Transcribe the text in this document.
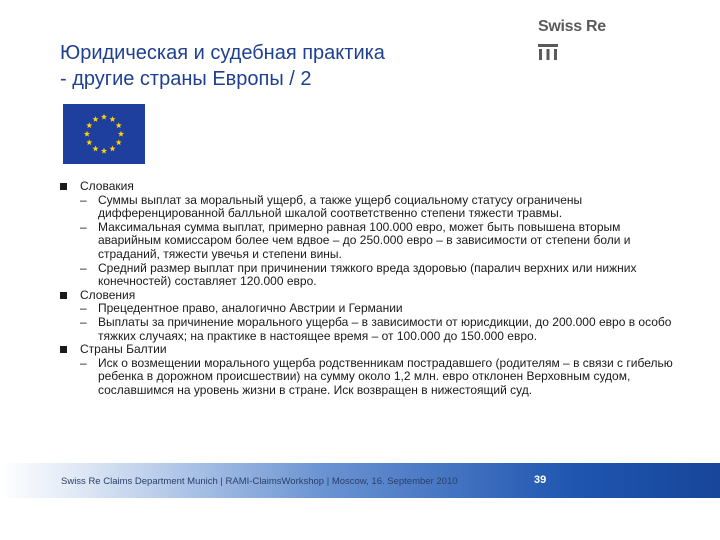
Юридическая и судебная практика
- другие страны Европы / 2
Swiss Re
Словакия
– Суммы выплат за моральный ущерб, а также ущерб социальному статусу ограничены дифференцированной балльной шкалой соответственно степени тяжести травмы.
– Максимальная сумма выплат, примерно равная 100.000 евро, может быть повышена вторым аварийным комиссаром более чем вдвое – до 250.000 евро – в зависимости от степени боли и страданий, тяжести увечья и степени вины.
– Средний размер выплат при причинении тяжкого вреда здоровью (паралич верхних или нижних конечностей) составляет 120.000 евро.
Словения
– Прецедентное право, аналогично Австрии и Германии
– Выплаты за причинение морального ущерба – в зависимости от юрисдикции, до 200.000 евро в особо тяжких случаях; на практике в настоящее время – от 100.000 до 150.000 евро.
Страны Балтии
– Иск о возмещении морального ущерба родственникам пострадавшего (родителям – в связи с гибелью ребенка в дорожном происшествии) на сумму около 1,2 млн. евро отклонен Верховным судом, сославшимся на уровень жизни в стране. Иск возвращен в нижестоящий суд.
Swiss Re Claims Department Munich | RAMI-ClaimsWorkshop | Moscow, 16. September 2010	39
